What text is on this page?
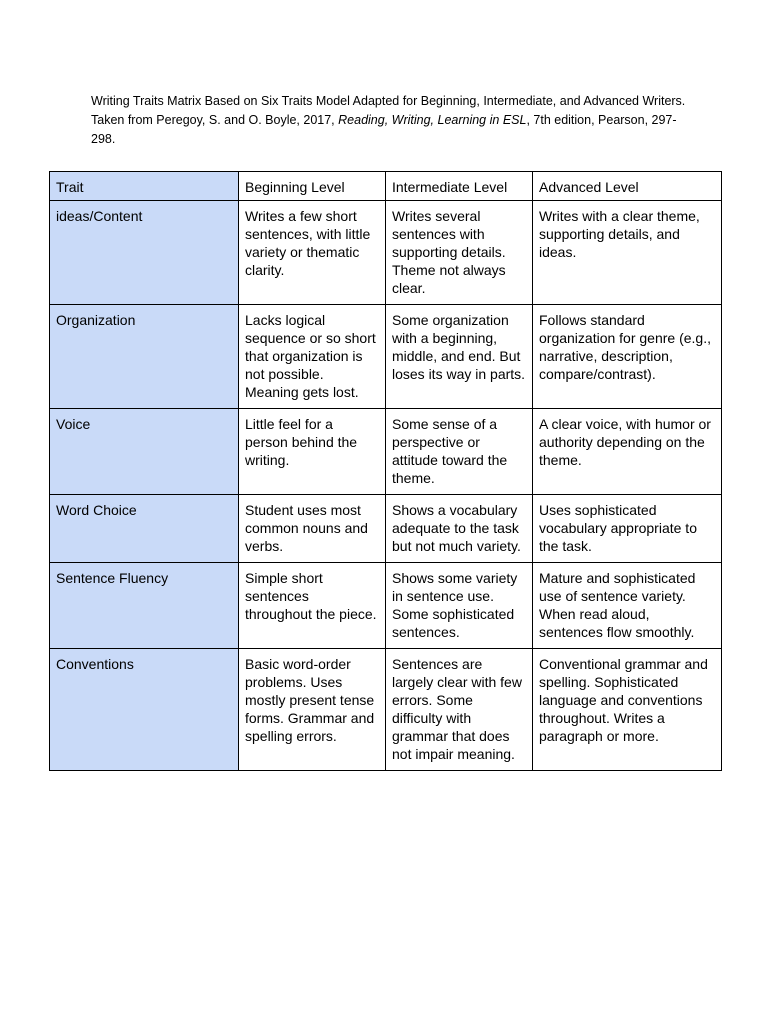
Writing Traits Matrix Based on Six Traits Model Adapted for Beginning, Intermediate, and Advanced Writers. Taken from Peregoy, S. and O. Boyle, 2017, Reading, Writing, Learning in ESL, 7th edition, Pearson, 297-298.
Trait	Beginning Level	Intermediate Level	Advanced Level
ideas/Content	Writes a few short sentences, with little variety or thematic clarity.	Writes several sentences with supporting details. Theme not always clear.	Writes with a clear theme, supporting details, and ideas.
Organization	Lacks logical sequence or so short that organization is not possible. Meaning gets lost.	Some organization with a beginning, middle, and end. But loses its way in parts.	Follows standard organization for genre (e.g., narrative, description, compare/contrast).
Voice	Little feel for a person behind the writing.	Some sense of a perspective or attitude toward the theme.	A clear voice, with humor or authority depending on the theme.
Word Choice	Student uses most common nouns and verbs.	Shows a vocabulary adequate to the task but not much variety.	Uses sophisticated vocabulary appropriate to the task.
Sentence Fluency	Simple short sentences throughout the piece.	Shows some variety in sentence use. Some sophisticated sentences.	Mature and sophisticated use of sentence variety. When read aloud, sentences flow smoothly.
Conventions	Basic word-order problems. Uses mostly present tense forms. Grammar and spelling errors.	Sentences are largely clear with few errors. Some difficulty with grammar that does not impair meaning.	Conventional grammar and spelling. Sophisticated language and conventions throughout. Writes a paragraph or more.
